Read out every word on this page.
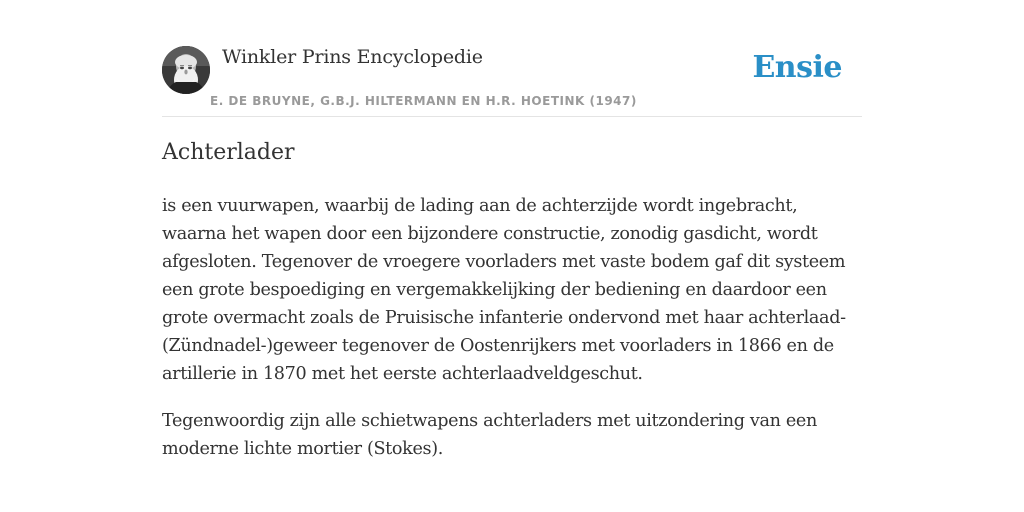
Winkler Prins Encyclopedie
E. DE BRUYNE, G.B.J. HILTERMANN EN H.R. HOETINK (1947)
Ensie
Achterlader

is een vuurwapen, waarbij de lading aan de achterzijde wordt ingebracht, waarna het wapen door een bijzondere constructie, zonodig gasdicht, wordt afgesloten. Tegenover de vroegere voorladers met vaste bodem gaf dit systeem een grote bespoediging en vergemakkelijking der bediening en daardoor een grote overmacht zoals de Pruisische infanterie ondervond met haar achterlaad-(Zündnadel-)geweer tegenover de Oostenrijkers met voorladers in 1866 en de artillerie in 1870 met het eerste achterlaadveldgeschut.

Tegenwoordig zijn alle schietwapens achterladers met uitzondering van een moderne lichte mortier (Stokes).
